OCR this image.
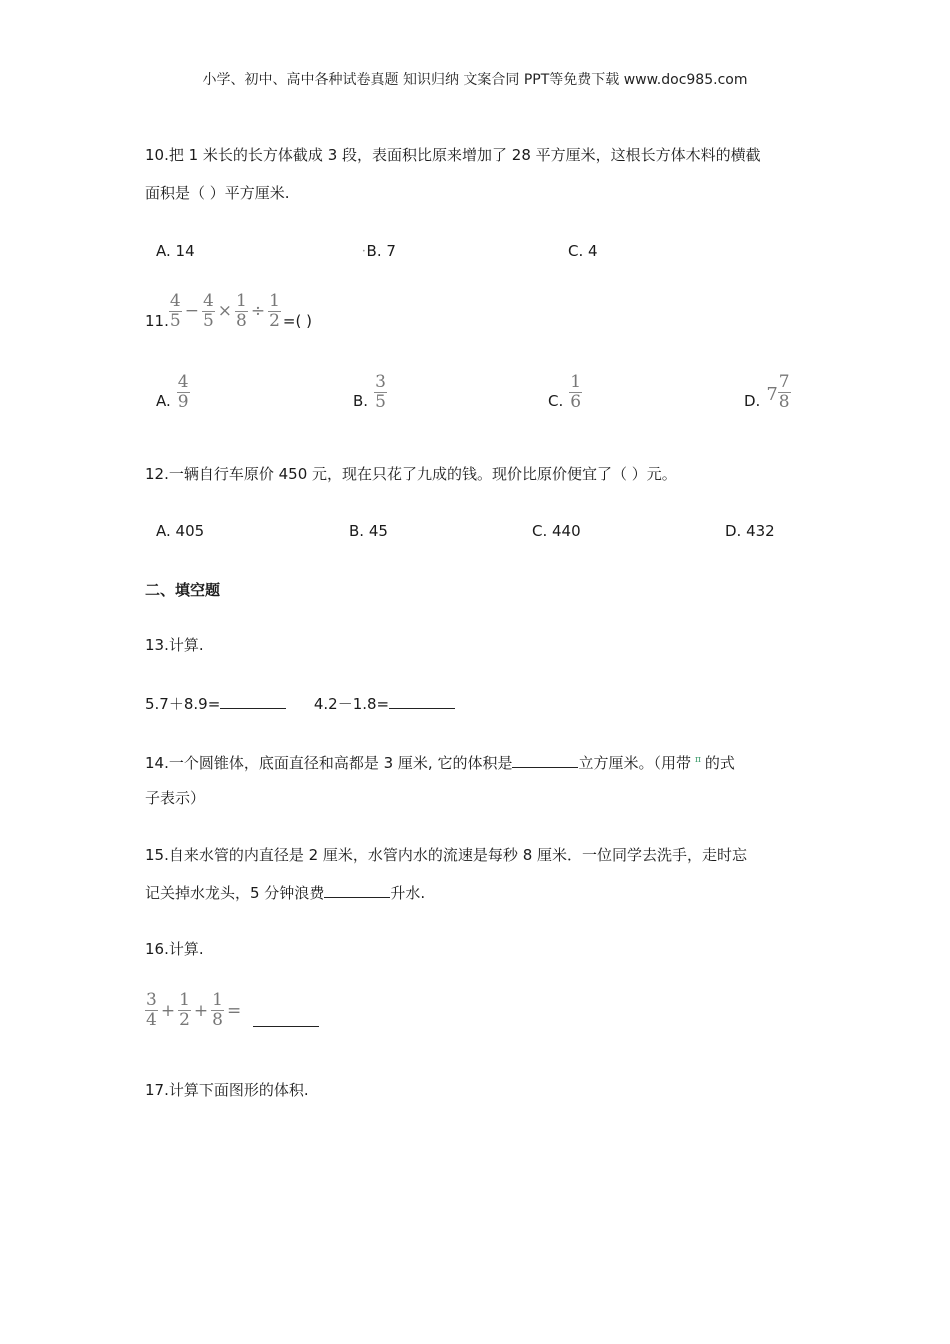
小学、初中、高中各种试卷真题 知识归纳 文案合同 PPT等免费下载 www.doc985.com
10.把 1 米长的长方体截成 3 段，表面积比原来增加了 28 平方厘米，这根长方体木料的横截
面积是（ ）平方厘米.
A. 14	•B. 7	C. 4
11. $\frac{4}{5} - \frac{4}{5} \times \frac{1}{8} \div \frac{1}{2}$ =( )
A. $\frac{4}{9}$	B. $\frac{3}{5}$	C. $\frac{1}{6}$	D. $7 \frac{7}{8}$
12.一辆自行车原价 450 元，现在只花了九成的钱。现价比原价便宜了（ ）元。
A. 405	B. 45	C. 440	D. 432
二、填空题
13.计算.
5.7＋8.9=	4.2－1.8=
14.一个圆锥体，底面直径和高都是 3 厘米, 它的体积是	立方厘米。（用带 $^\pi$ 的式
子表示）
15.自来水管的内直径是 2 厘米，水管内水的流速是每秒 8 厘米．一位同学去洗手，走时忘
记关掉水龙头，5 分钟浪费	升水.
16.计算.
$\frac{3}{4} + \frac{1}{2} + \frac{1}{8}$ =
17.计算下面图形的体积.
